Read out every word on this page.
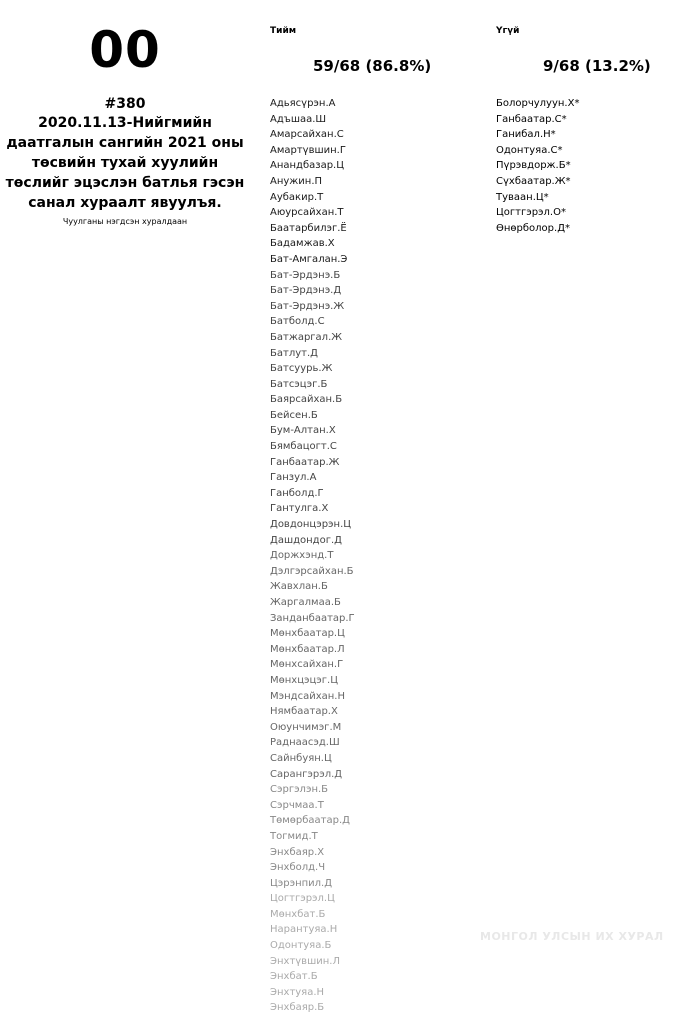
00
#380
2020.11.13-Нийгмийн даатгалын сангийн 2021 оны төсвийн тухай хуулийн төслийг эцэслэн батлья гэсэн санал хураалт явуулъя.
Чуулганы нэгдсэн хуралдаан
Тийм	Үгүй
59/68 (86.8%)	9/68 (13.2%)
Адьясүрэн.А
Адъшаа.Ш
Амарсайхан.С
Амартүвшин.Г
Анандбазар.Ц
Анужин.П
Аубакир.Т
Аюурсайхан.Т
Баатарбилэг.Ё
Бадамжав.Х
Бат-Амгалан.Э
Бат-Эрдэнэ.Б
Бат-Эрдэнэ.Д
Бат-Эрдэнэ.Ж
Батболд.С
Батжаргал.Ж
Батлут.Д
Батсуурь.Ж
Батсэцэг.Б
Баярсайхан.Б
Бейсен.Б
Бум-Алтан.Х
Бямбацогт.С
Ганбаатар.Ж
Ганзул.А
Ганболд.Г
Гантулга.Х
Довдонцэрэн.Ц
Дашдондог.Д
Доржхэнд.Т
Дэлгэрсайхан.Б
Жавхлан.Б
Жаргалмаа.Б
Занданбаатар.Г
Мөнхбаатар.Ц
Мөнхбаатар.Л
Мөнхсайхан.Г
Мөнхцэцэг.Ц
Мэндсайхан.Н
Нямбаатар.Х
Оюунчимэг.М
Раднаасэд.Ш
Сайнбуян.Ц
Сарангэрэл.Д
Сэргэлэн.Б
Сэрчмаа.Т
Төмөрбаатар.Д
Тогмид.Т
Энхбаяр.Х
Энхболд.Ч
Цэрэнпил.Д
Цогтгэрэл.Ц
Мөнхбат.Б
Нарантуяа.Н
Одонтуяа.Б
Энхтүвшин.Л
Энхбат.Б
Энхтуяа.Н
Энхбаяр.Б
Болорчулуун.Х*
Ганбаатар.С*
Ганибал.Н*
Одонтуяа.С*
Пүрэвдорж.Б*
Сүхбаатар.Ж*
Туваан.Ц*
Цогтгэрэл.О*
Өнөрболор.Д*
МОНГОЛ УЛСЫН ИХ ХУРАЛ
